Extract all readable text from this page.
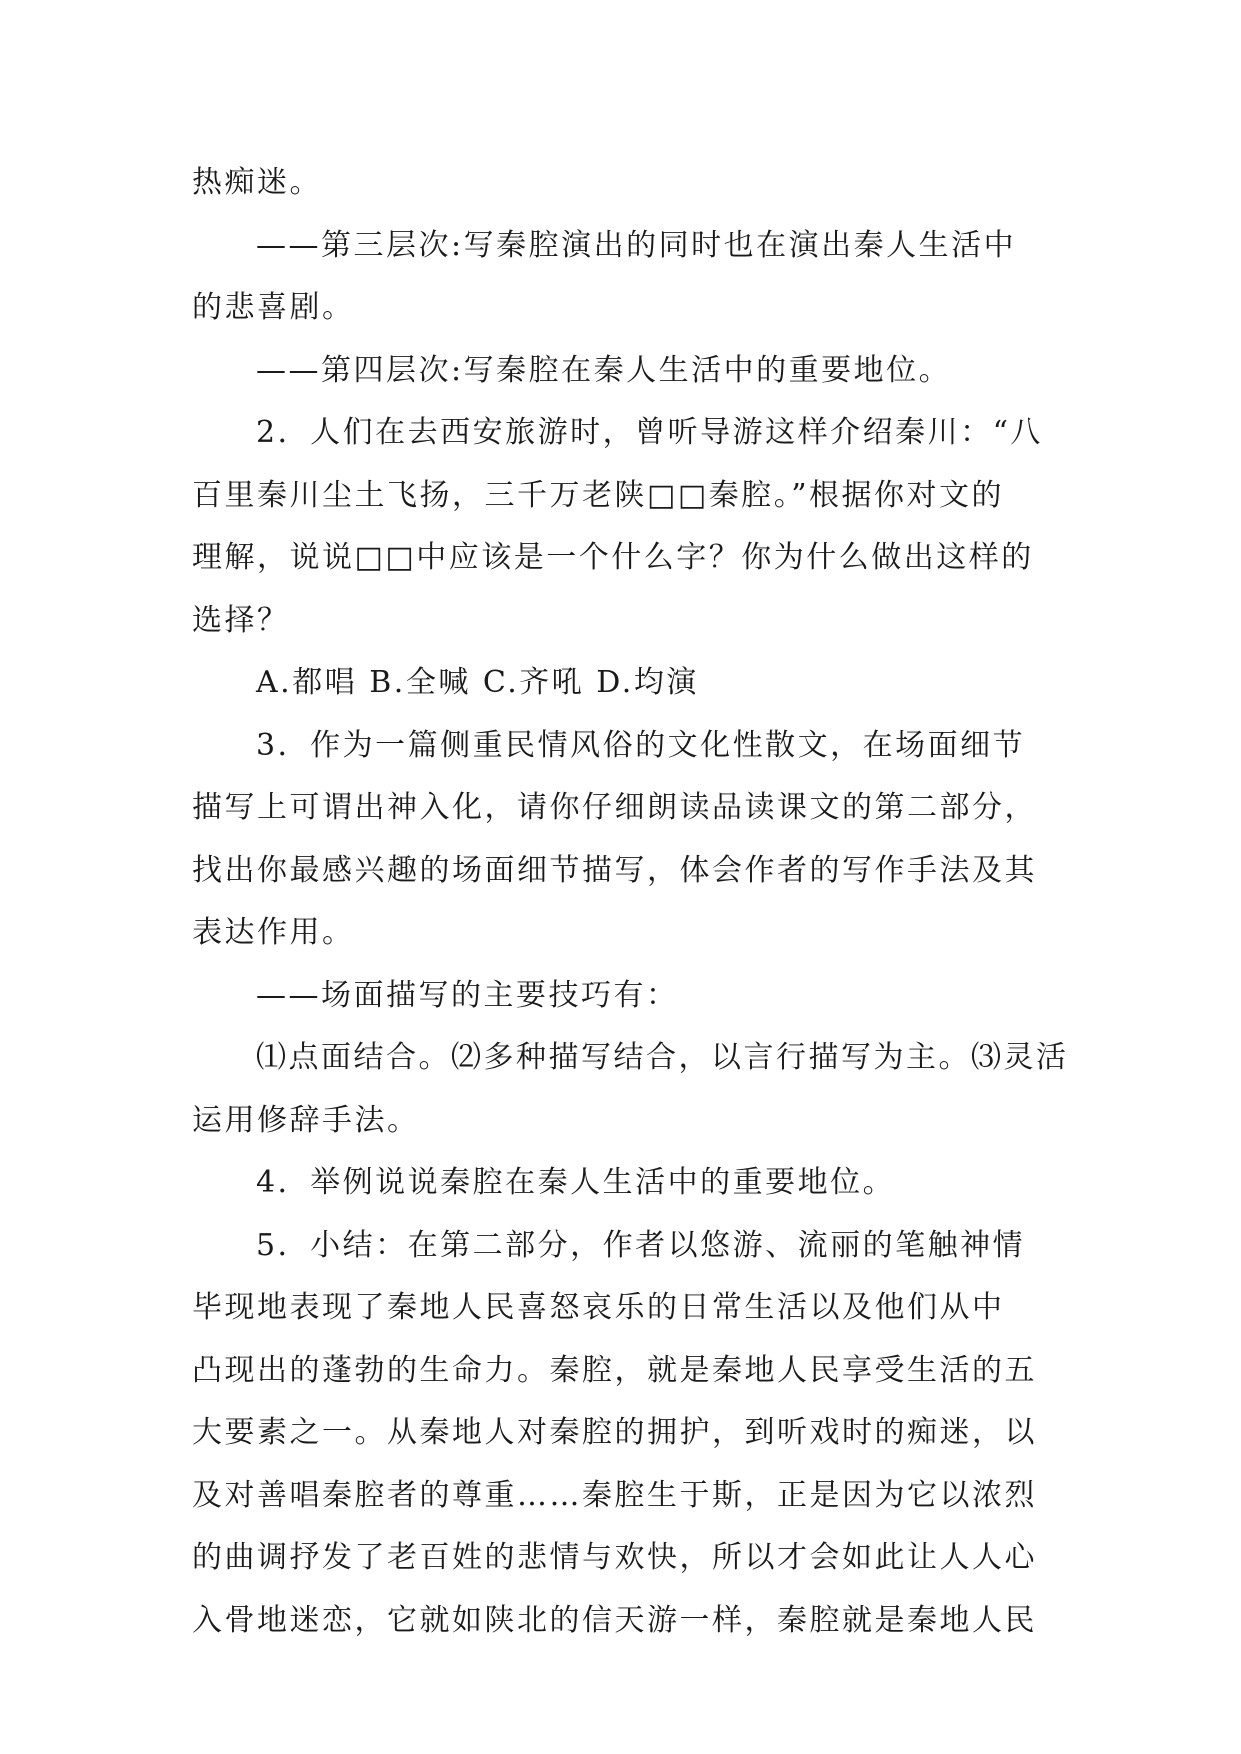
热痴迷。
——第三层次:写秦腔演出的同时也在演出秦人生活中
的悲喜剧。
——第四层次:写秦腔在秦人生活中的重要地位。
2．人们在去西安旅游时，曾听导游这样介绍秦川：“八
百里秦川尘土飞扬，三千万老陕□□秦腔。”根据你对文的
理解，说说□□中应该是一个什么字？你为什么做出这样的
选择？
A.都唱 B.全喊 C.齐吼 D.均演
3．作为一篇侧重民情风俗的文化性散文，在场面细节
描写上可谓出神入化，请你仔细朗读品读课文的第二部分，
找出你最感兴趣的场面细节描写，体会作者的写作手法及其
表达作用。
——场面描写的主要技巧有：
⑴点面结合。⑵多种描写结合，以言行描写为主。⑶灵活
运用修辞手法。
4．举例说说秦腔在秦人生活中的重要地位。
5．小结：在第二部分，作者以悠游、流丽的笔触神情
毕现地表现了秦地人民喜怒哀乐的日常生活以及他们从中
凸现出的蓬勃的生命力。秦腔，就是秦地人民享受生活的五
大要素之一。从秦地人对秦腔的拥护，到听戏时的痴迷，以
及对善唱秦腔者的尊重……秦腔生于斯，正是因为它以浓烈
的曲调抒发了老百姓的悲情与欢快，所以才会如此让人人心
入骨地迷恋，它就如陕北的信天游一样，秦腔就是秦地人民
